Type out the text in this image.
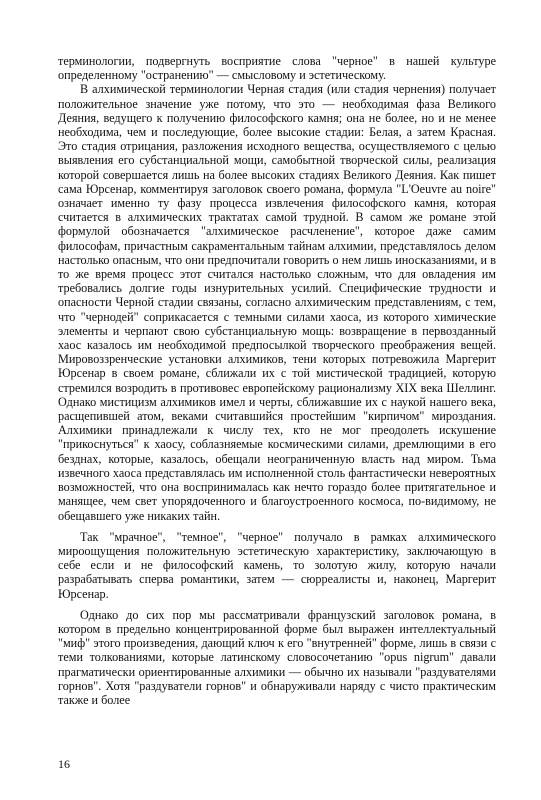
терминологии, подвергнуть восприятие слова "черное" в нашей культуре определенному "остранению" — смысловому и эстетическому.

В алхимической терминологии Черная стадия (или стадия чернения) получает положительное значение уже потому, что это — необходимая фаза Великого Деяния, ведущего к получению философского камня; она не более, но и не менее необходима, чем и последующие, более высокие стадии: Белая, а затем Красная. Это стадия отрицания, разложения исходного вещества, осуществляемого с целью выявления его субстанциальной мощи, самобытной творческой силы, реализация которой совершается лишь на более высоких стадиях Великого Деяния. Как пишет сама Юрсенар, комментируя заголовок своего романа, формула "L'Oeuvre au noire" означает именно ту фазу процесса извлечения философского камня, которая считается в алхимических трактатах самой трудной. В самом же романе этой формулой обозначается "алхимическое расчленение", которое даже самим философам, причастным сакраментальным тайнам алхимии, представлялось делом настолько опасным, что они предпочитали говорить о нем лишь иносказаниями, и в то же время процесс этот считался настолько сложным, что для овладения им требовались долгие годы изнурительных усилий. Специфические трудности и опасности Черной стадии связаны, согласно алхимическим представлениям, с тем, что "чернодей" соприкасается с темными силами хаоса, из которого химические элементы и черпают свою субстанциальную мощь: возвращение в первозданный хаос казалось им необходимой предпосылкой творческого преображения вещей. Мировоззренческие установки алхимиков, тени которых потревожила Маргерит Юрсенар в своем романе, сближали их с той мистической традицией, которую стремился возродить в противовес европейскому рационализму XIX века Шеллинг. Однако мистицизм алхимиков имел и черты, сближавшие их с наукой нашего века, расщепившей атом, веками считавшийся простейшим "кирпичом" мироздания. Алхимики принадлежали к числу тех, кто не мог преодолеть искушение "прикоснуться" к хаосу, соблазняемые космическими силами, дремлющими в его безднах, которые, казалось, обещали неограниченную власть над миром. Тьма извечного хаоса представлялась им исполненной столь фантастически невероятных возможностей, что она воспринималась как нечто гораздо более притягательное и манящее, чем свет упорядоченного и благоустроенного космоса, по-видимому, не обещавшего уже никаких тайн.

Так "мрачное", "темное", "черное" получало в рамках алхимического мироощущения положительную эстетическую характеристику, заключающую в себе если и не философский камень, то золотую жилу, которую начали разрабатывать сперва романтики, затем — сюрреалисты и, наконец, Маргерит Юрсенар.

Однако до сих пор мы рассматривали французский заголовок романа, в котором в предельно концентрированной форме был выражен интеллектуальный "миф" этого произведения, дающий ключ к его "внутренней" форме, лишь в связи с теми толкованиями, которые латинскому словосочетанию "opus nigrum" давали прагматически ориентированные алхимики — обычно их называли "раздувателями горнов". Хотя "раздуватели горнов" и обнаруживали наряду с чисто практическим также и более

16
